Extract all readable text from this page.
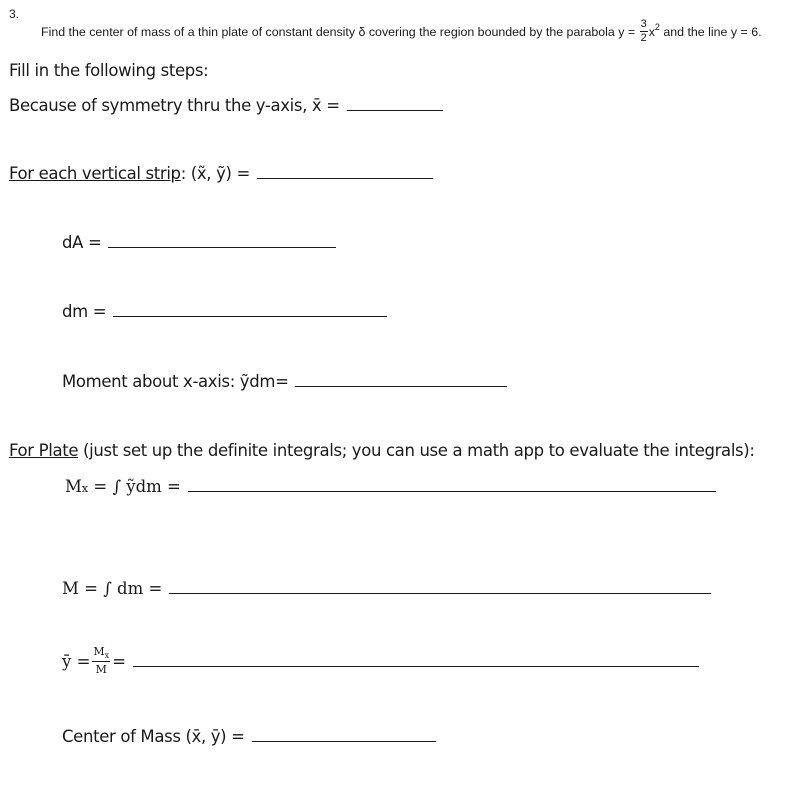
3.
Find the center of mass of a thin plate of constant density δ covering the region bounded by the parabola $y = \frac{3}{2} x^2$ and the line y = 6.
Fill in the following steps:
Because of symmetry thru the y-axis, x̄ =
For each vertical strip: (x̃, ỹ) =
dA =
dm =
Moment about x-axis: ỹdm=
For Plate (just set up the definite integrals; you can use a math app to evaluate the integrals):
Mx = ∫ ỹdm =
M = ∫ dm =
ȳ = $\frac{M_x}{M}$ =
Center of Mass (x̄, ȳ) =
